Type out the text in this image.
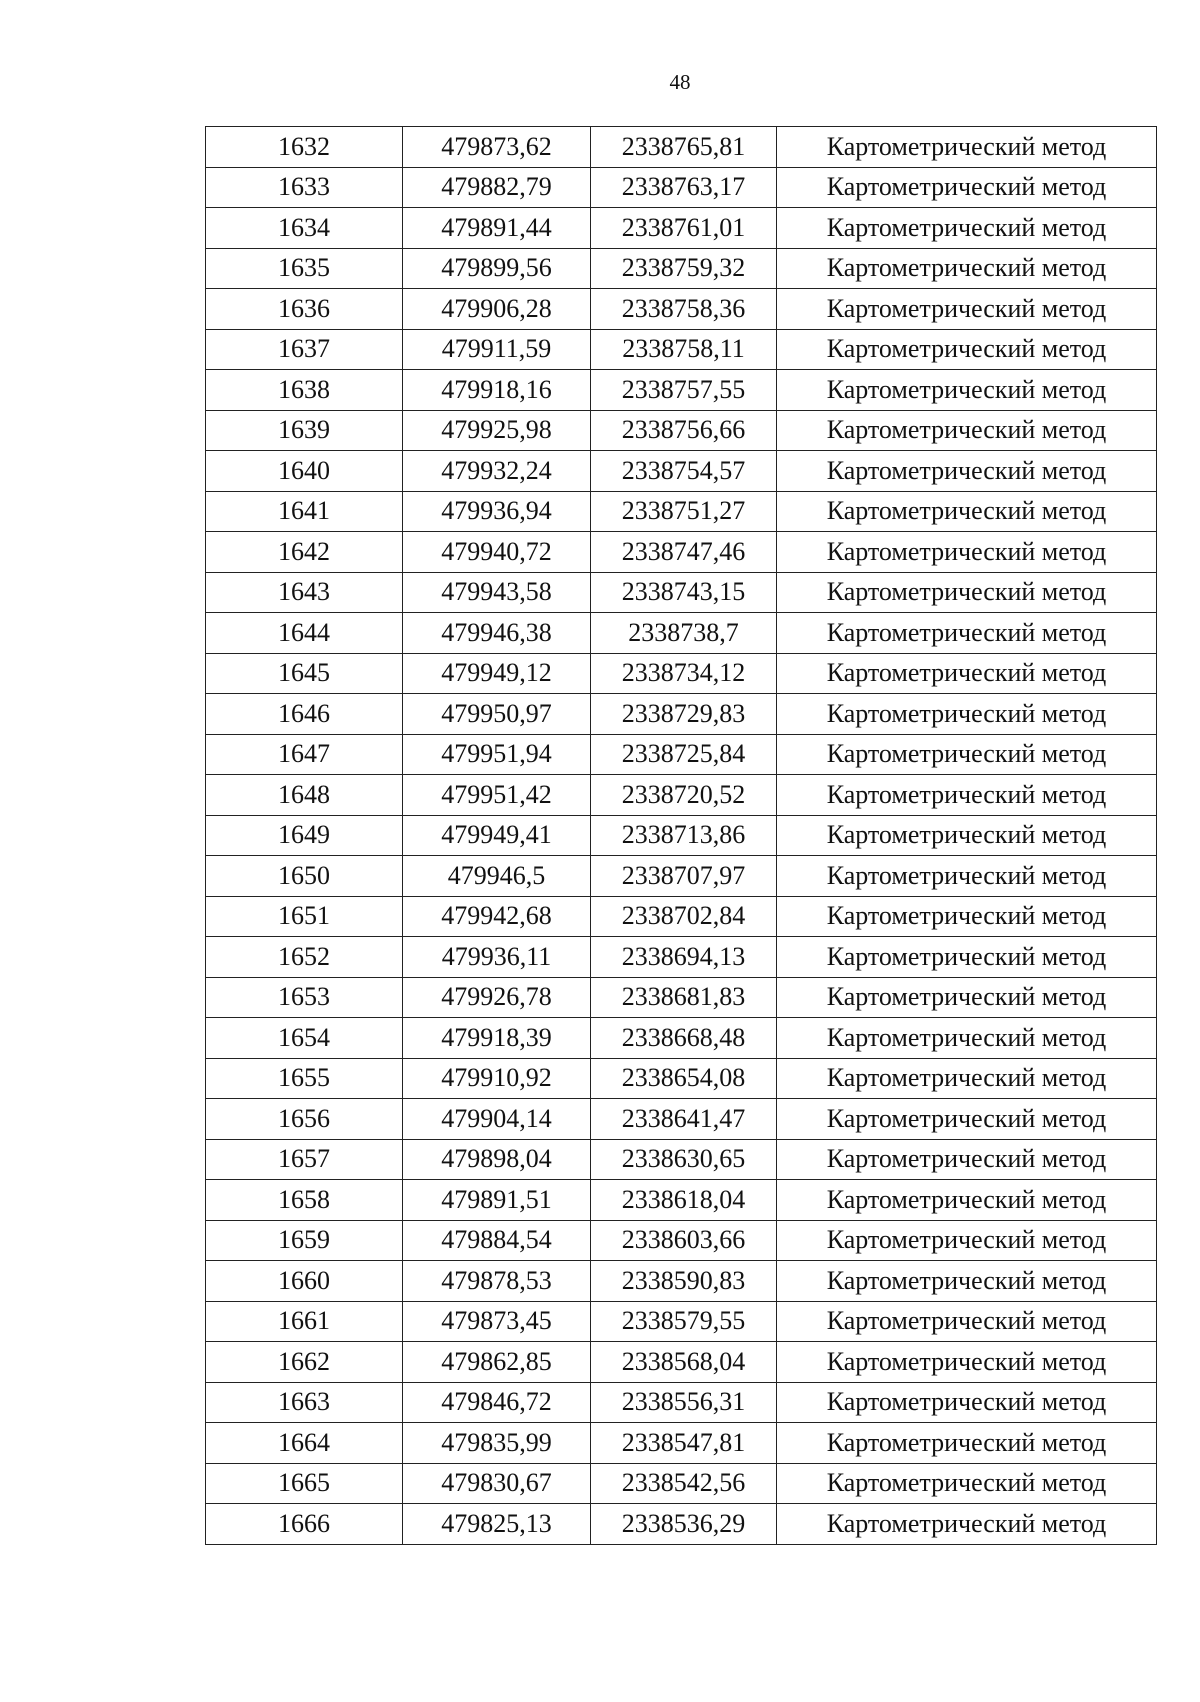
48
1632	479873,62	2338765,81	Картометрический метод
1633	479882,79	2338763,17	Картометрический метод
1634	479891,44	2338761,01	Картометрический метод
1635	479899,56	2338759,32	Картометрический метод
1636	479906,28	2338758,36	Картометрический метод
1637	479911,59	2338758,11	Картометрический метод
1638	479918,16	2338757,55	Картометрический метод
1639	479925,98	2338756,66	Картометрический метод
1640	479932,24	2338754,57	Картометрический метод
1641	479936,94	2338751,27	Картометрический метод
1642	479940,72	2338747,46	Картометрический метод
1643	479943,58	2338743,15	Картометрический метод
1644	479946,38	2338738,7	Картометрический метод
1645	479949,12	2338734,12	Картометрический метод
1646	479950,97	2338729,83	Картометрический метод
1647	479951,94	2338725,84	Картометрический метод
1648	479951,42	2338720,52	Картометрический метод
1649	479949,41	2338713,86	Картометрический метод
1650	479946,5	2338707,97	Картометрический метод
1651	479942,68	2338702,84	Картометрический метод
1652	479936,11	2338694,13	Картометрический метод
1653	479926,78	2338681,83	Картометрический метод
1654	479918,39	2338668,48	Картометрический метод
1655	479910,92	2338654,08	Картометрический метод
1656	479904,14	2338641,47	Картометрический метод
1657	479898,04	2338630,65	Картометрический метод
1658	479891,51	2338618,04	Картометрический метод
1659	479884,54	2338603,66	Картометрический метод
1660	479878,53	2338590,83	Картометрический метод
1661	479873,45	2338579,55	Картометрический метод
1662	479862,85	2338568,04	Картометрический метод
1663	479846,72	2338556,31	Картометрический метод
1664	479835,99	2338547,81	Картометрический метод
1665	479830,67	2338542,56	Картометрический метод
1666	479825,13	2338536,29	Картометрический метод
